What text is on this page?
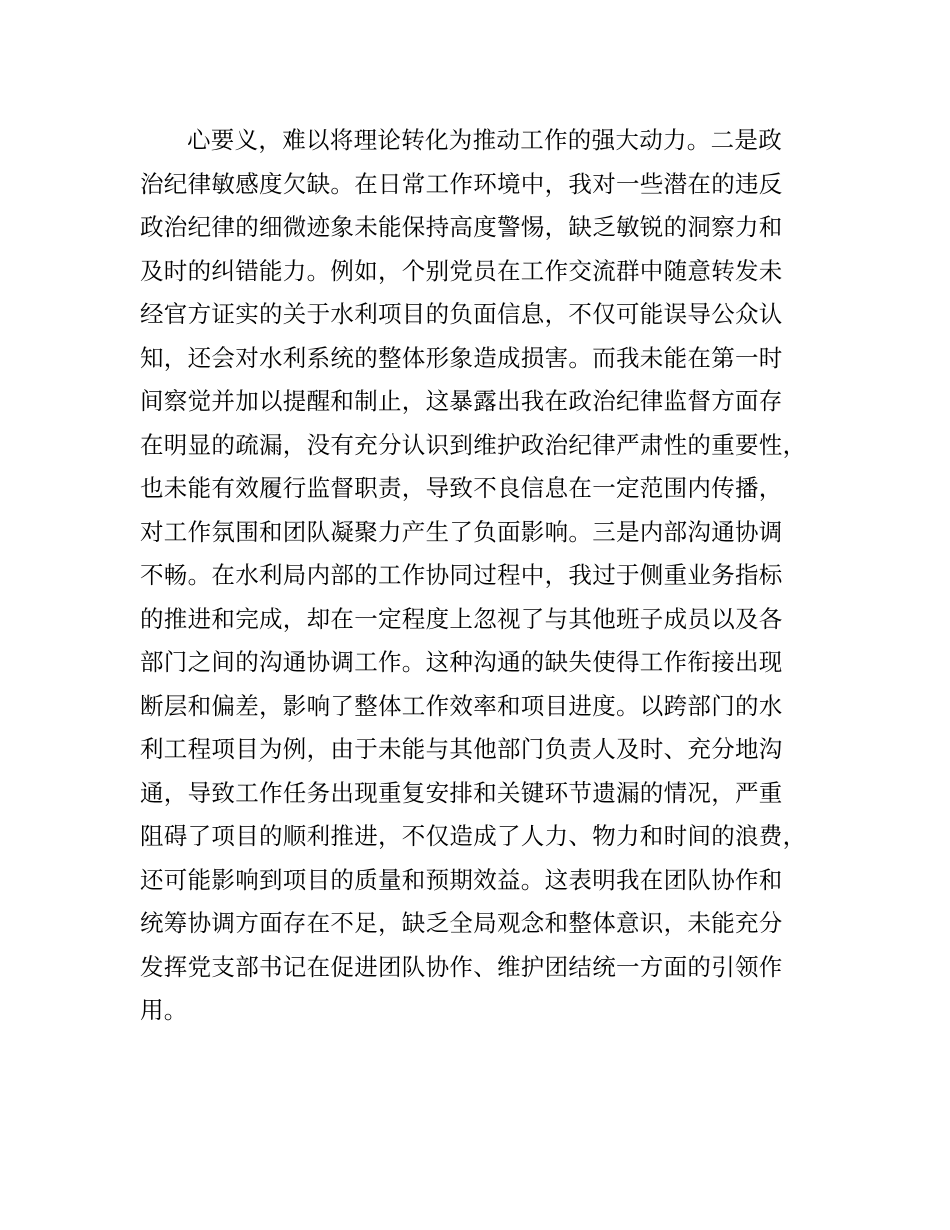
心要义，难以将理论转化为推动工作的强大动力。二是政
治纪律敏感度欠缺。在日常工作环境中，我对一些潜在的违反
政治纪律的细微迹象未能保持高度警惕，缺乏敏锐的洞察力和
及时的纠错能力。例如，个别党员在工作交流群中随意转发未
经官方证实的关于水利项目的负面信息，不仅可能误导公众认
知，还会对水利系统的整体形象造成损害。而我未能在第一时
间察觉并加以提醒和制止，这暴露出我在政治纪律监督方面存
在明显的疏漏，没有充分认识到维护政治纪律严肃性的重要性，
也未能有效履行监督职责，导致不良信息在一定范围内传播，
对工作氛围和团队凝聚力产生了负面影响。三是内部沟通协调
不畅。在水利局内部的工作协同过程中，我过于侧重业务指标
的推进和完成，却在一定程度上忽视了与其他班子成员以及各
部门之间的沟通协调工作。这种沟通的缺失使得工作衔接出现
断层和偏差，影响了整体工作效率和项目进度。以跨部门的水
利工程项目为例，由于未能与其他部门负责人及时、充分地沟
通，导致工作任务出现重复安排和关键环节遗漏的情况，严重
阻碍了项目的顺利推进，不仅造成了人力、物力和时间的浪费，
还可能影响到项目的质量和预期效益。这表明我在团队协作和
统筹协调方面存在不足，缺乏全局观念和整体意识，未能充分
发挥党支部书记在促进团队协作、维护团结统一方面的引领作
用。
